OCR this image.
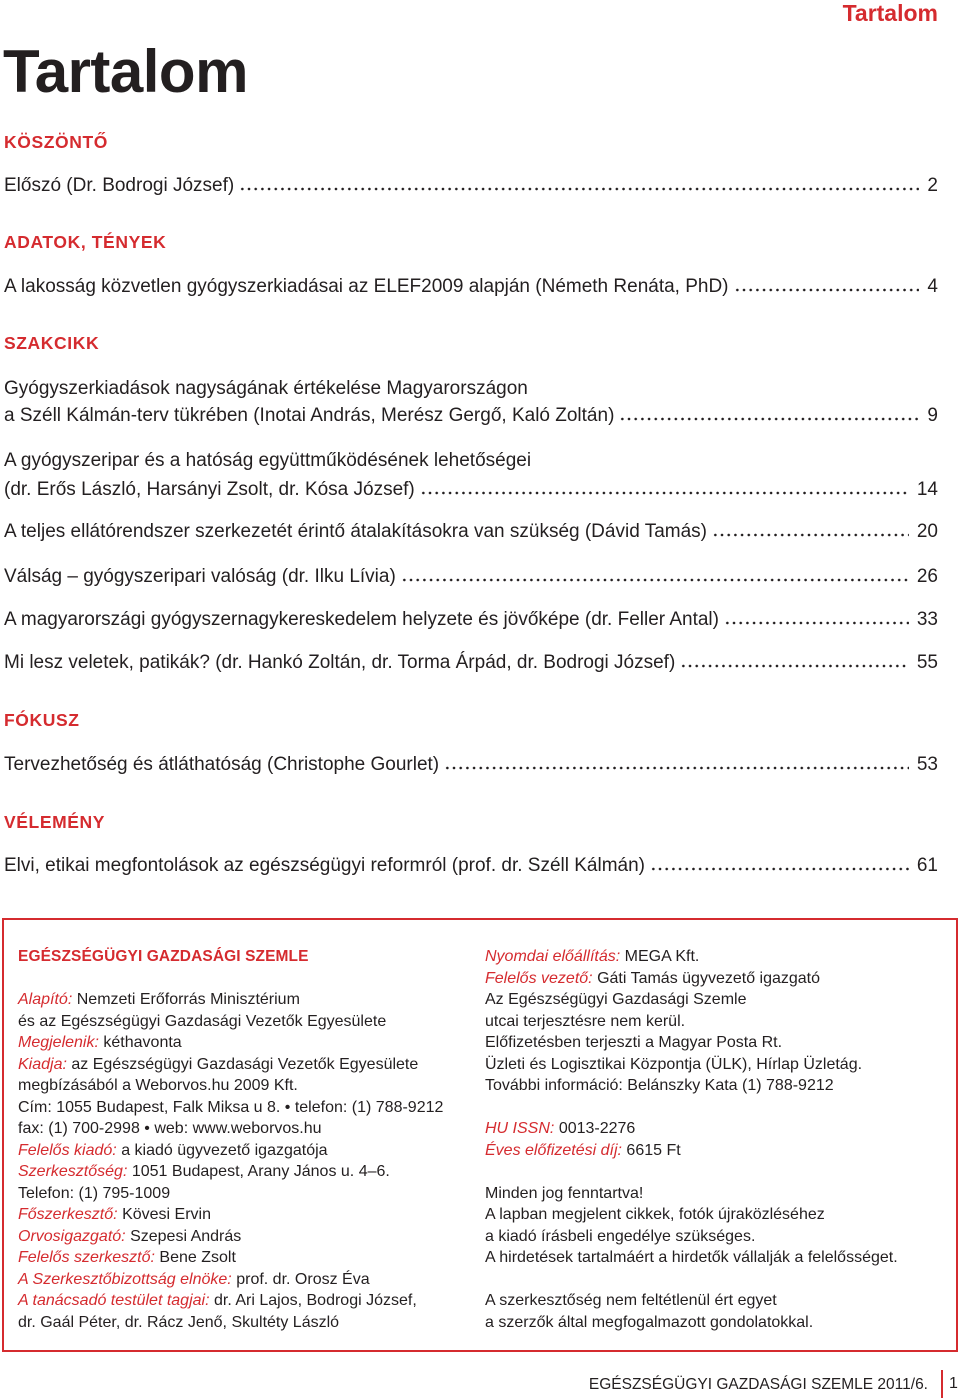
Tartalom
Tartalom
KÖSZÖNTŐ
Előszó (Dr. Bodrogi József)	2
ADATOK, TÉNYEK
A lakosság közvetlen gyógyszerkiadásai az ELEF2009 alapján (Németh Renáta, PhD)	4
SZAKCIKK
Gyógyszerkiadások nagyságának értékelése Magyarországon
a Széll Kálmán-terv tükrében (Inotai András, Merész Gergő, Kaló Zoltán)	9
A gyógyszeripar és a hatóság együttműködésének lehetőségei
(dr. Erős László, Harsányi Zsolt, dr. Kósa József)	14
A teljes ellátórendszer szerkezetét érintő átalakításokra van szükség (Dávid Tamás)	20
Válság – gyógyszeripari valóság (dr. Ilku Lívia)	26
A magyarországi gyógyszernagykereskedelem helyzete és jövőképe (dr. Feller Antal)	33
Mi lesz veletek, patikák? (dr. Hankó Zoltán, dr. Torma Árpád, dr. Bodrogi József)	55
FÓKUSZ
Tervezhetőség és átláthatóság (Christophe Gourlet)	53
VÉLEMÉNY
Elvi, etikai megfontolások az egészségügyi reformról (prof. dr. Széll Kálmán)	61
EGÉSZSÉGÜGYI GAZDASÁGI SZEMLE
Alapító: Nemzeti Erőforrás Minisztérium
és az Egészségügyi Gazdasági Vezetők Egyesülete
Megjelenik: kéthavonta
Kiadja: az Egészségügyi Gazdasági Vezetők Egyesülete
megbízásából a Weborvos.hu 2009 Kft.
Cím: 1055 Budapest, Falk Miksa u 8. • telefon: (1) 788-9212
fax: (1) 700-2998 • web: www.weborvos.hu
Felelős kiadó: a kiadó ügyvezető igazgatója
Szerkesztőség: 1051 Budapest, Arany János u. 4–6.
Telefon: (1) 795-1009
Főszerkesztő: Kövesi Ervin
Orvosigazgató: Szepesi András
Felelős szerkesztő: Bene Zsolt
A Szerkesztőbizottság elnöke: prof. dr. Orosz Éva
A tanácsadó testület tagjai: dr. Ari Lajos, Bodrogi József,
dr. Gaál Péter, dr. Rácz Jenő, Skultéty László
Nyomdai előállítás: MEGA Kft.
Felelős vezető: Gáti Tamás ügyvezető igazgató
Az Egészségügyi Gazdasági Szemle
utcai terjesztésre nem kerül.
Előfizetésben terjeszti a Magyar Posta Rt.
Üzleti és Logisztikai Központja (ÜLK), Hírlap Üzletág.
További információ: Belánszky Kata (1) 788-9212
HU ISSN: 0013-2276
Éves előfizetési díj: 6615 Ft
Minden jog fenntartva!
A lapban megjelent cikkek, fotók újraközléséhez
a kiadó írásbeli engedélye szükséges.
A hirdetések tartalmáért a hirdetők vállalják a felelősséget.
A szerkesztőség nem feltétlenül ért egyet
a szerzők által megfogalmazott gondolatokkal.
EGÉSZSÉGÜGYI GAZDASÁGI SZEMLE 2011/6. 1
